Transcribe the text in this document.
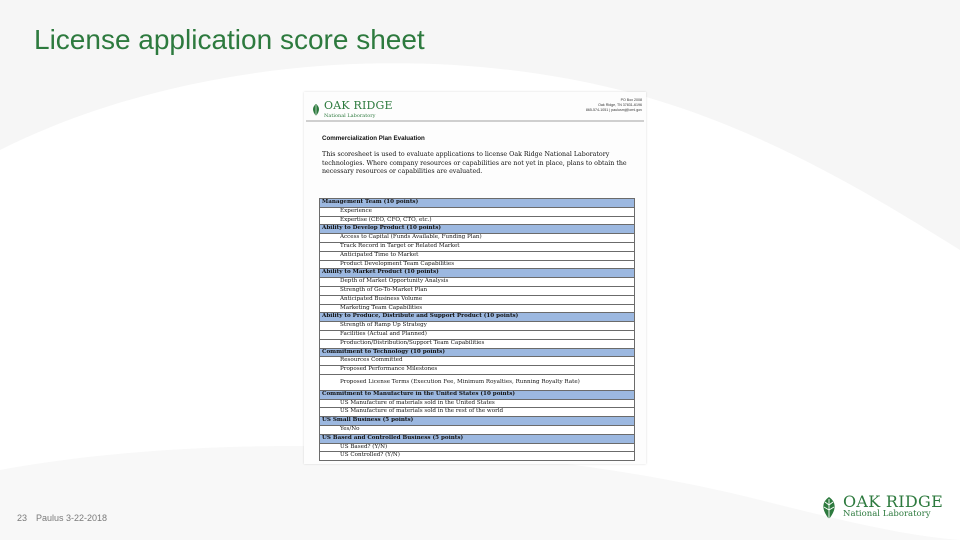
License application score sheet
OAK RIDGE
National Laboratory
PO Box 2008
Oak Ridge, TN 37831-6196
865-574-1051 | paulusmj@ornl.gov
Commercialization Plan Evaluation
This scoresheet is used to evaluate applications to license Oak Ridge National Laboratory technologies. Where company resources or capabilities are not yet in place, plans to obtain the necessary resources or capabilities are evaluated.
Management Team (10 points)
Experience
Expertise (CEO, CFO, CTO, etc.)
Ability to Develop Product (10 points)
Access to Capital (Funds Available, Funding Plan)
Track Record in Target or Related Market
Anticipated Time to Market
Product Development Team Capabilities
Ability to Market Product (10 points)
Depth of Market Opportunity Analysis
Strength of Go-To-Market Plan
Anticipated Business Volume
Marketing Team Capabilities
Ability to Produce, Distribute and Support Product (10 points)
Strength of Ramp Up Strategy
Facilities (Actual and Planned)
Production/Distribution/Support Team Capabilities
Commitment to Technology (10 points)
Resources Committed
Proposed Performance Milestones
Proposed License Terms (Execution Fee, Minimum Royalties, Running Royalty Rate)
Commitment to Manufacture in the United States (10 points)
US Manufacture of materials sold in the United States
US Manufacture of materials sold in the rest of the world
US Small Business (5 points)
Yes/No
US Based and Controlled Business (5 points)
US Based? (Y/N)
US Controlled? (Y/N)
23 Paulus 3-22-2018
OAK RIDGE
National Laboratory
